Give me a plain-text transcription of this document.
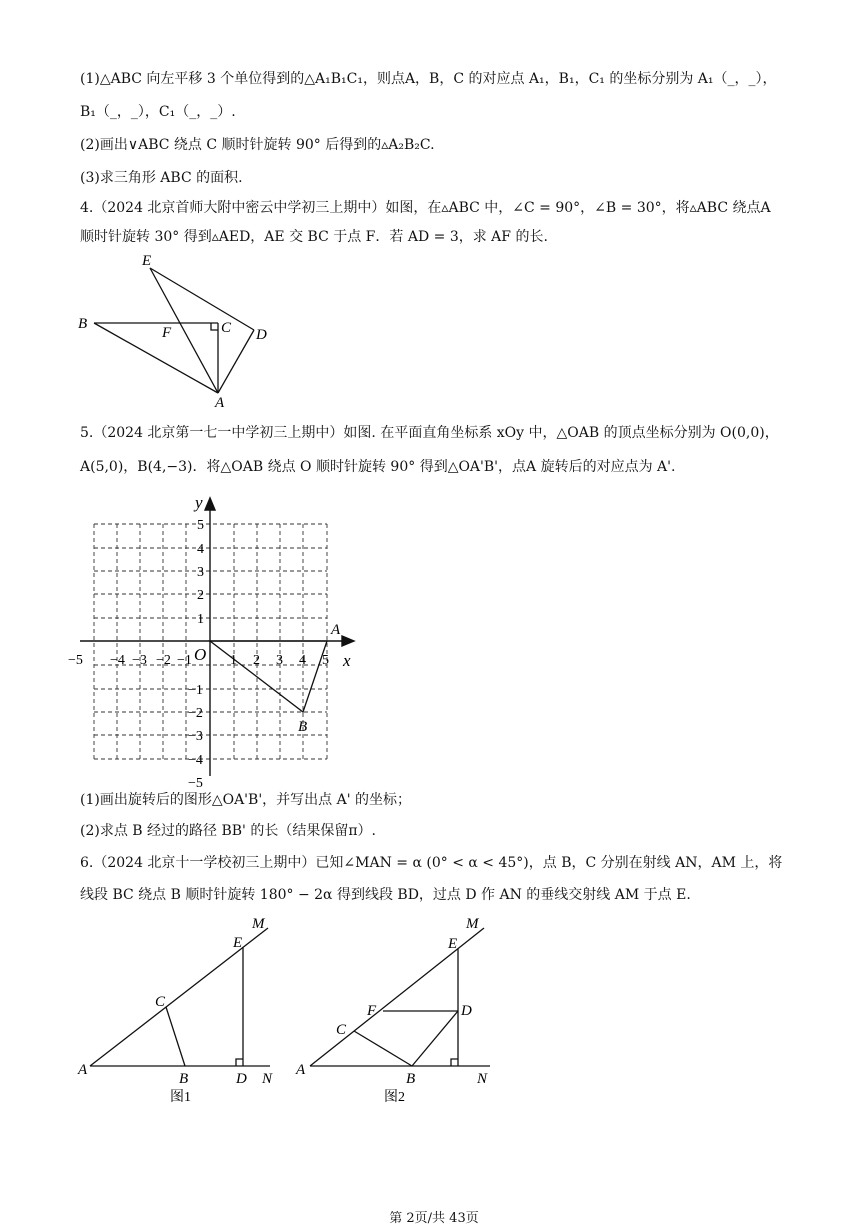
(1)△ABC 向左平移 3 个单位得到的△A₁B₁C₁，则点A，B，C 的对应点 A₁，B₁，C₁ 的坐标分别为 A₁（_，_），
B₁（_，_），C₁（_，_）.
(2)画出∨ABC 绕点 C 顺时针旋转 90° 后得到的▵A₂B₂C.
(3)求三角形 ABC 的面积.
4.（2024 北京首师大附中密云中学初三上期中）如图，在▵ABC 中，∠C = 90°，∠B = 30°，将▵ABC 绕点A
顺时针旋转 30° 得到▵AED，AE 交 BC 于点 F．若 AD = 3，求 AF 的长.
E
B
F	C D
A
5.（2024 北京第一七一中学初三上期中）如图. 在平面直角坐标系 xOy 中，△OAB 的顶点坐标分别为 O(0,0)，
A(5,0)，B(4,−3)．将△OAB 绕点 O 顺时针旋转 90° 得到△OA'B'，点A 旋转后的对应点为 A'.
−5 −4 −3 −2 −1	1 2 3 4 5
5
4
3
2
1
−1
−2
−3
−4
−5
y
x
O
A
B
(1)画出旋转后的图形△OA'B'，并写出点 A' 的坐标；
(2)求点 B 经过的路径 BB' 的长（结果保留π）.
6.（2024 北京十一学校初三上期中）已知∠MAN = α (0° < α < 45°)，点 B，C 分别在射线 AN，AM 上，将
线段 BC 绕点 B 顺时针旋转 180° − 2α 得到线段 BD，过点 D 作 AN 的垂线交射线 AM 于点 E.
M
E
C
A
B	D N
图1
M
E
F	D
C
A
B	N
图2
第 2页/共 43页
